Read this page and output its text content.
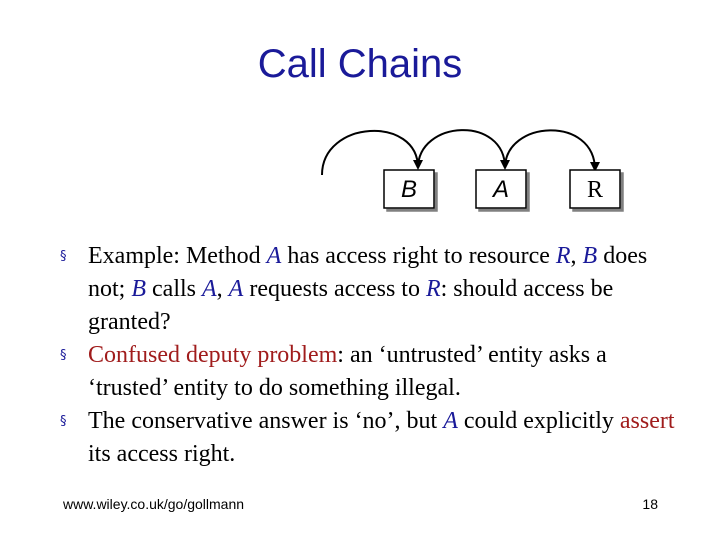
Call Chains
B	A	R
§ Example: Method A has access right to resource R, B does not; B calls A, A requests access to R: should access be granted?
§ Confused deputy problem: an ‘untrusted’ entity asks a ‘trusted’ entity to do something illegal.
§ The conservative answer is ‘no’, but A could explicitly assert its access right.
www.wiley.co.uk/go/gollmann	18
